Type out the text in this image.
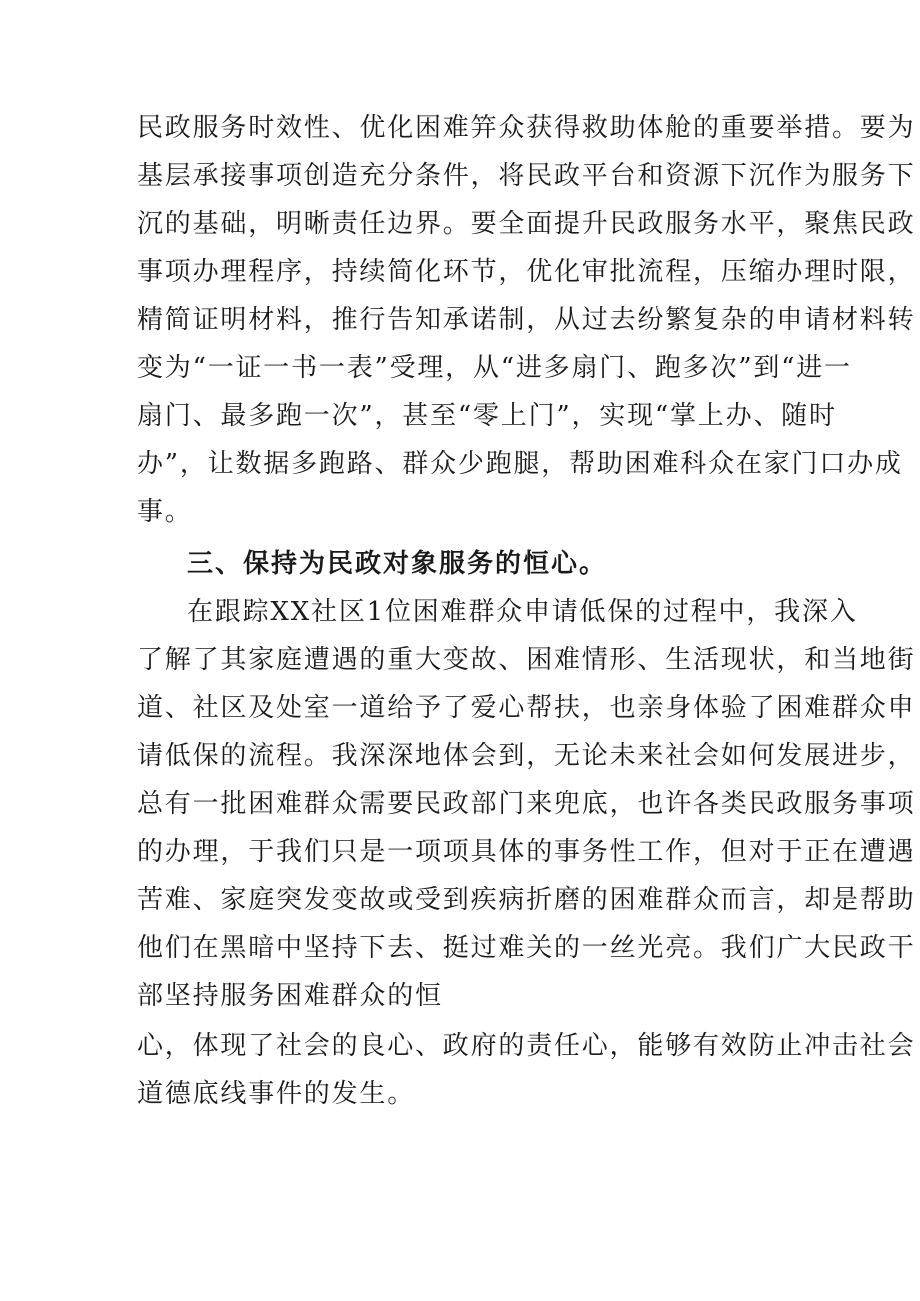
民政服务时效性、优化困难笄众获得救助体舱的重要举措。要为
基层承接事项创造充分条件，将民政平台和资源下沉作为服务下
沉的基础，明晰责任边界。要全面提升民政服务水平，聚焦民政
事项办理程序，持续简化环节，优化审批流程，压缩办理时限，
精简证明材料，推行告知承诺制，从过去纷繁复杂的申请材料转
变为“一证一书一表”受理，从“进多扇门、跑多次”到“进一
扇门、最多跑一次”，甚至“零上门”，实现“掌上办、随时
办”，让数据多跑路、群众少跑腿，帮助困难科众在家门口办成
事。
三、保持为民政对象服务的恒心。
在跟踪XX社区1位困难群众申请低保的过程中，我深入
了解了其家庭遭遇的重大变故、困难情形、生活现状，和当地街
道、社区及处室一道给予了爱心帮扶，也亲身体验了困难群众申
请低保的流程。我深深地体会到，无论未来社会如何发展进步，
总有一批困难群众需要民政部门来兜底，也许各类民政服务事项
的办理，于我们只是一项项具体的事务性工作，但对于正在遭遇
苦难、家庭突发变故或受到疾病折磨的困难群众而言，却是帮助
他们在黑暗中坚持下去、挺过难关的一丝光亮。我们广大民政干
部坚持服务困难群众的恒
心，体现了社会的良心、政府的责任心，能够有效防止冲击社会
道德底线事件的发生。
